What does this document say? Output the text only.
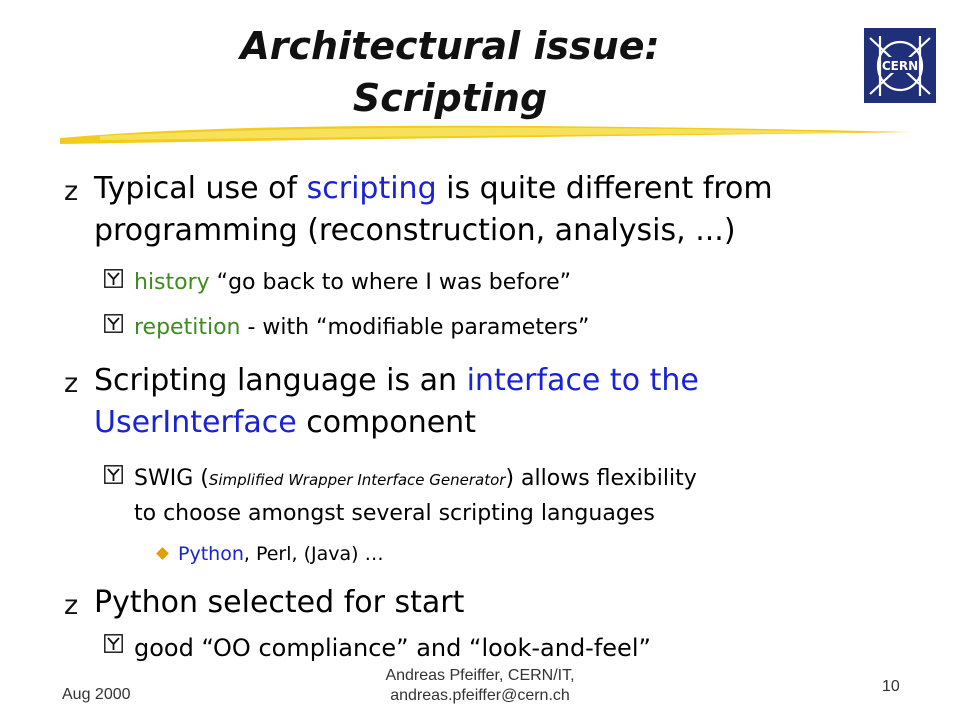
Architectural issue:
Scripting
CERN
z Typical use of scripting is quite different from
programming (reconstruction, analysis, ...)
history “go back to where I was before”
repetition - with “modifiable parameters”
z Scripting language is an interface to the
UserInterface component
SWIG (Simplified Wrapper Interface Generator) allows flexibility
to choose amongst several scripting languages
Python, Perl, (Java) …
z Python selected for start
good “OO compliance” and “look-and-feel”
Aug 2000
Andreas Pfeiffer, CERN/IT,
andreas.pfeiffer@cern.ch
10
